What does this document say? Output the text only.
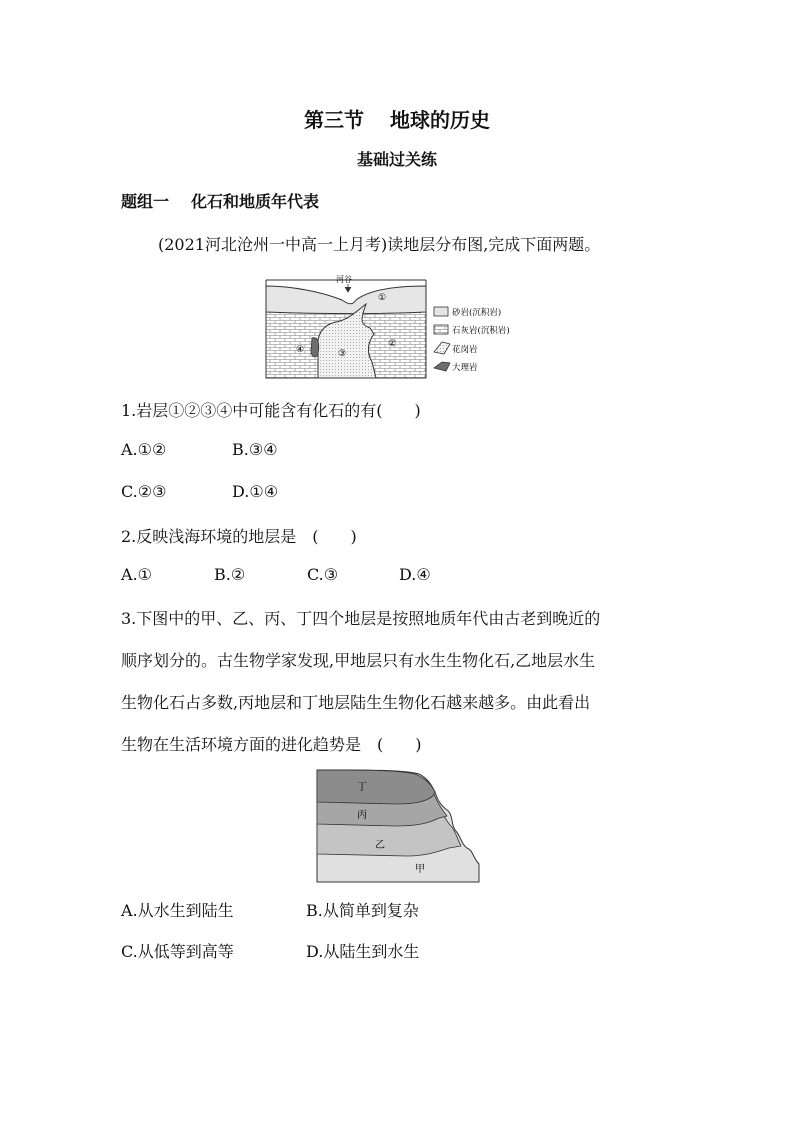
第三节 地球的历史
基础过关练
题组一 化石和地质年代表
(2021河北沧州一中高一上月考)读地层分布图,完成下面两题。
河谷
①
②
③
④
砂岩(沉积岩)
石灰岩(沉积岩)
花岗岩
大理岩
1.岩层①②③④中可能含有化石的有(　　)
A.①②	B.③④
C.②③	D.①④
2.反映浅海环境的地层是　(　　)
A.①	B.②	C.③	D.④
3.下图中的甲、乙、丙、丁四个地层是按照地质年代由古老到晚近的
顺序划分的。古生物学家发现,甲地层只有水生生物化石,乙地层水生
生物化石占多数,丙地层和丁地层陆生生物化石越来越多。由此看出
生物在生活环境方面的进化趋势是　(　　)
丁
丙
乙
甲
A.从水生到陆生	B.从简单到复杂
C.从低等到高等	D.从陆生到水生
